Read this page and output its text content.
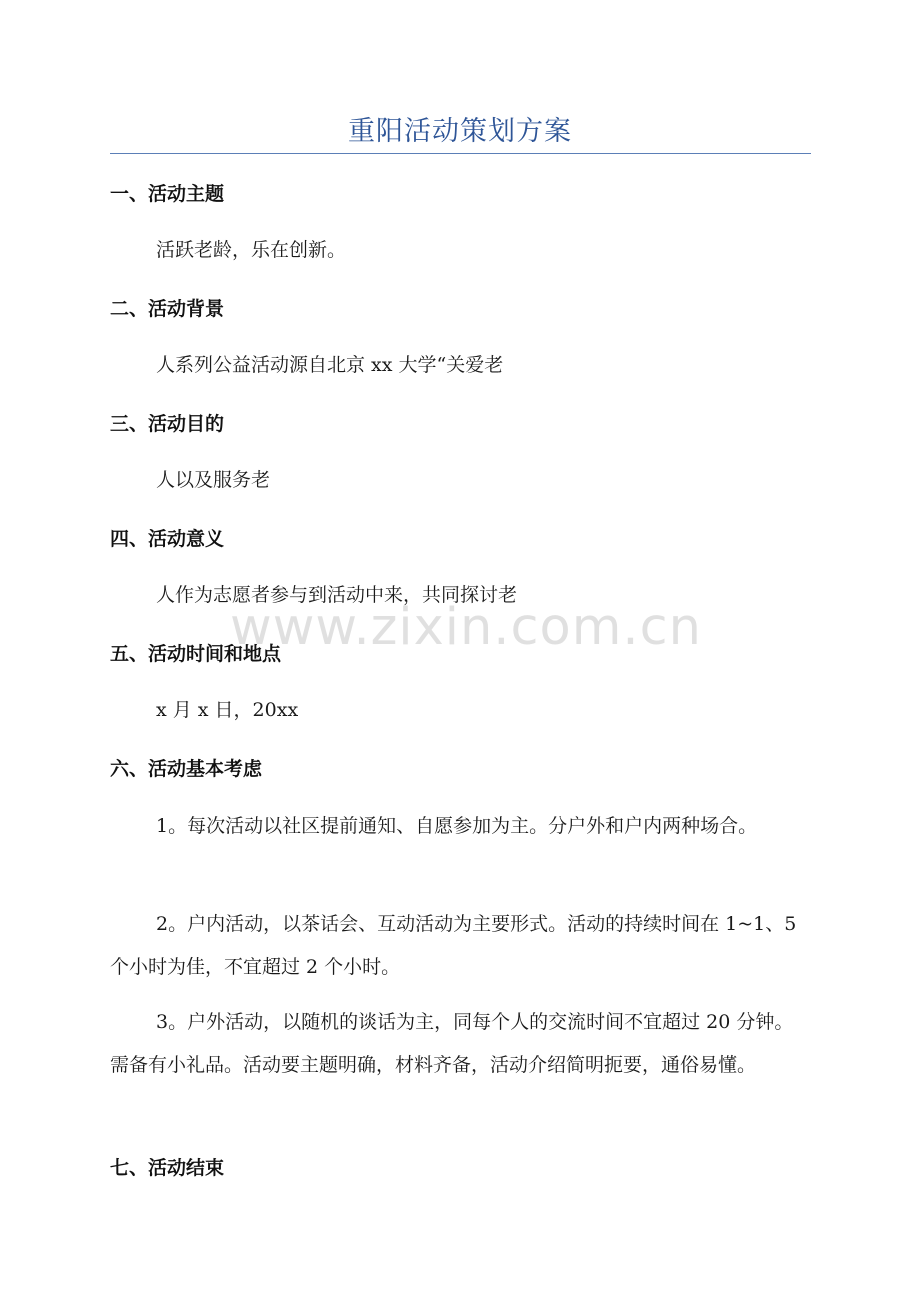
重阳活动策划方案
一、活动主题

活跃老龄，乐在创新。

二、活动背景

人系列公益活动源自北京 xx 大学“关爱老

三、活动目的

人以及服务老

四、活动意义

人作为志愿者参与到活动中来，共同探讨老

五、活动时间和地点

x 月 x 日，20xx

六、活动基本考虑

1。每次活动以社区提前通知、自愿参加为主。分户外和户内两种场合。

2。户内活动，以茶话会、互动活动为主要形式。活动的持续时间在 1~1、5 个小时为佳，不宜超过 2 个小时。

3。户外活动，以随机的谈话为主，同每个人的交流时间不宜超过 20 分钟。需备有小礼品。活动要主题明确，材料齐备，活动介绍简明扼要，通俗易懂。

七、活动结束
www.zixin.com.cn
